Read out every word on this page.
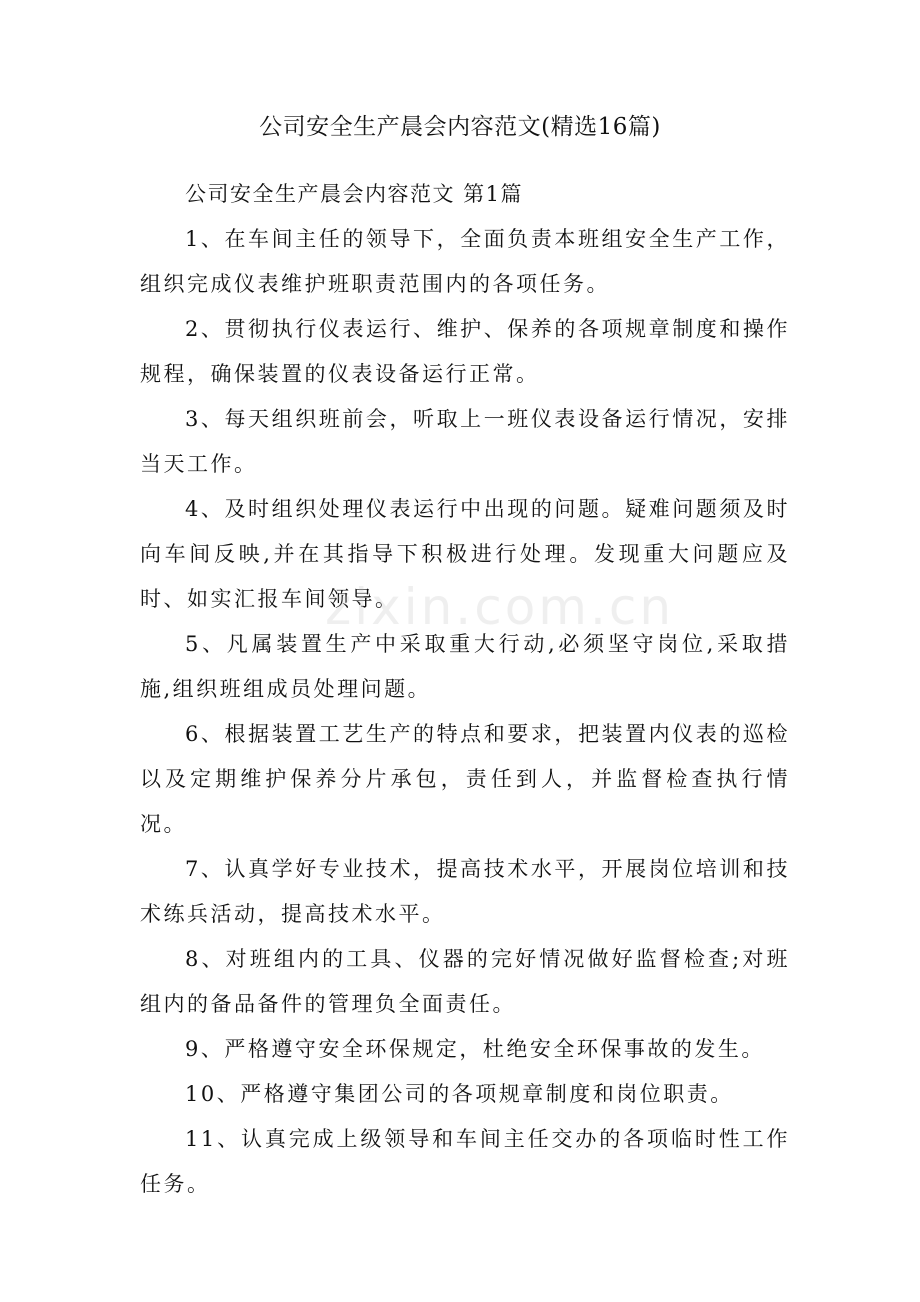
公司安全生产晨会内容范文(精选16篇)

公司安全生产晨会内容范文 第1篇

1、在车间主任的领导下，全面负责本班组安全生产工作，组织完成仪表维护班职责范围内的各项任务。

2、贯彻执行仪表运行、维护、保养的各项规章制度和操作规程，确保装置的仪表设备运行正常。

3、每天组织班前会，听取上一班仪表设备运行情况，安排当天工作。

4、及时组织处理仪表运行中出现的问题。疑难问题须及时向车间反映,并在其指导下积极进行处理。发现重大问题应及时、如实汇报车间领导。

5、凡属装置生产中采取重大行动,必须坚守岗位,采取措施,组织班组成员处理问题。

6、根据装置工艺生产的特点和要求，把装置内仪表的巡检以及定期维护保养分片承包，责任到人，并监督检查执行情况。

7、认真学好专业技术，提高技术水平，开展岗位培训和技术练兵活动，提高技术水平。

8、对班组内的工具、仪器的完好情况做好监督检查;对班组内的备品备件的管理负全面责任。

9、严格遵守安全环保规定，杜绝安全环保事故的发生。

10、严格遵守集团公司的各项规章制度和岗位职责。

11、认真完成上级领导和车间主任交办的各项临时性工作任务。

zixin.com.cn
